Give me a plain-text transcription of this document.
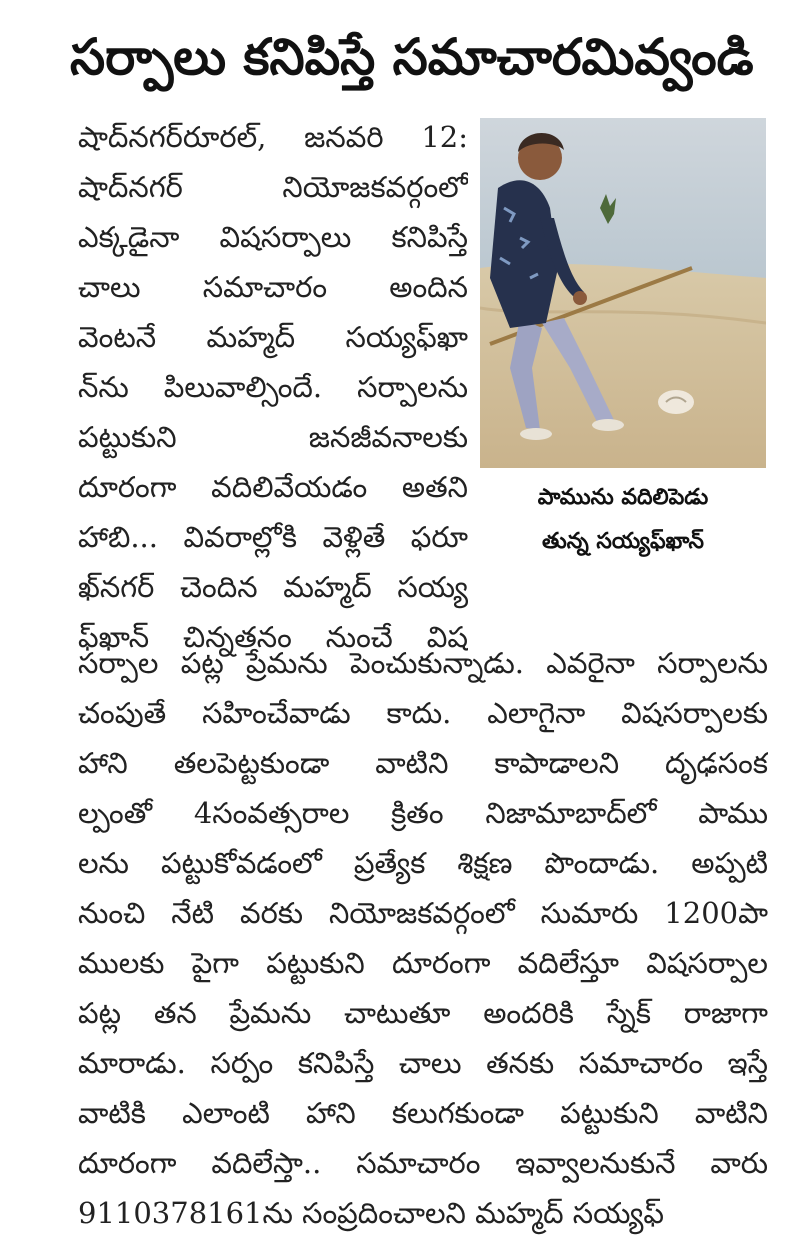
సర్పాలు కనిపిస్తే సమాచారమివ్వండి
షాద్‌నగర్‌రూరల్‌, జనవరి 12:
షాద్‌నగర్‌ నియోజకవర్గంలో
ఎక్కడైనా విషసర్పాలు కనిపిస్తే
చాలు సమాచారం అందిన
వెంటనే మహ్మద్‌ సయ్యఫ్‌ఖా
న్‌ను పిలువాల్సిందే. సర్పాలను
పట్టుకుని జనజీవనాలకు
దూరంగా వదిలివేయడం అతని
హాబి... వివరాల్లోకి వెళ్లితే ఫరూ
ఖ్‌నగర్‌ చెందిన మహ్మద్‌ సయ్య
ఫ్‌ఖాన్‌ చిన్నతనం నుంచే విష
పామును వదిలిపెడు
తున్న సయ్యఫ్‌ఖాన్‌
సర్పాల పట్ల ప్రేమను పెంచుకున్నాడు. ఎవరైనా సర్పాలను
చంపుతే సహించేవాడు కాదు. ఎలాగైనా విషసర్పాలకు
హాని తలపెట్టకుండా వాటిని కాపాడాలని దృఢసంక
ల్పంతో 4సంవత్సరాల క్రితం నిజామాబాద్‌లో పాము
లను పట్టుకోవడంలో ప్రత్యేక శిక్షణ పొందాడు. అప్పటి
నుంచి నేటి వరకు నియోజకవర్గంలో సుమారు 1200పా
ములకు పైగా పట్టుకుని దూరంగా వదిలేస్తూ విషసర్పాల
పట్ల తన ప్రేమను చాటుతూ అందరికి స్నేక్‌ రాజాగా
మారాడు. సర్పం కనిపిస్తే చాలు తనకు సమాచారం ఇస్తే
వాటికి ఎలాంటి హాని కలుగకుండా పట్టుకుని వాటిని
దూరంగా వదిలేస్తా.. సమాచారం ఇవ్వాలనుకునే వారు
9110378161ను సంప్రదించాలని మహ్మద్‌ సయ్యఫ్‌
